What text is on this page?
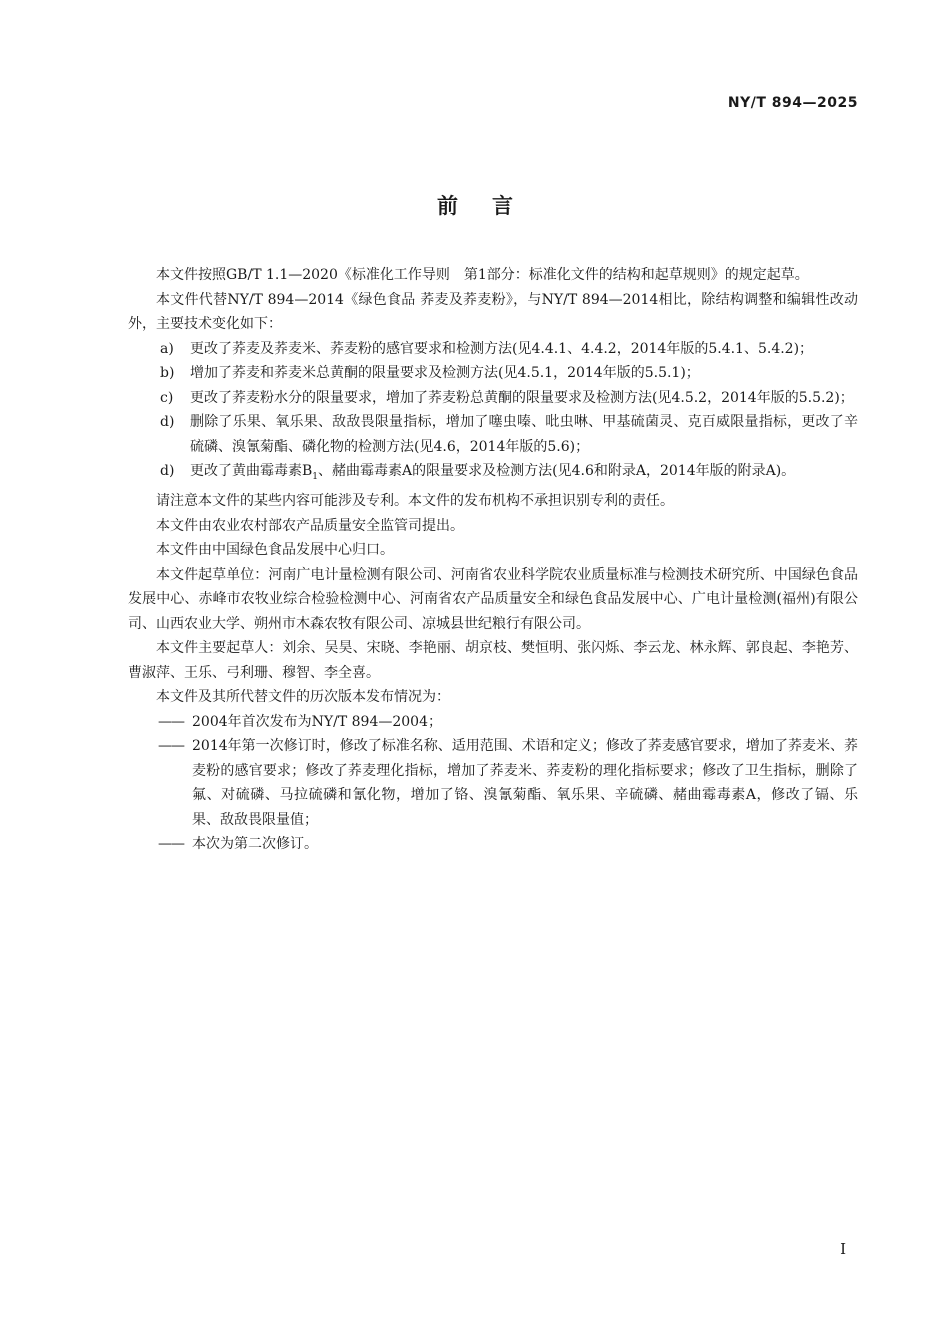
NY/T 894—2025
前言

本文件按照GB/T 1.1—2020《标准化工作导则　第1部分：标准化文件的结构和起草规则》的规定起草。

本文件代替NY/T 894—2014《绿色食品 荞麦及荞麦粉》，与NY/T 894—2014相比，除结构调整和编辑性改动外，主要技术变化如下：

a)	更改了荞麦及荞麦米、荞麦粉的感官要求和检测方法(见4.4.1、4.4.2，2014年版的5.4.1、5.4.2)；
b)	增加了荞麦和荞麦米总黄酮的限量要求及检测方法(见4.5.1，2014年版的5.5.1)；
c)	更改了荞麦粉水分的限量要求，增加了荞麦粉总黄酮的限量要求及检测方法(见4.5.2，2014年版的5.5.2)；
d)	删除了乐果、氧乐果、敌敌畏限量指标，增加了噻虫嗪、吡虫啉、甲基硫菌灵、克百威限量指标，更改了辛硫磷、溴氰菊酯、磷化物的检测方法(见4.6，2014年版的5.6)；
d)	更改了黄曲霉毒素$B_1$、赭曲霉毒素A的限量要求及检测方法(见4.6和附录A，2014年版的附录A)。

请注意本文件的某些内容可能涉及专利。本文件的发布机构不承担识别专利的责任。

本文件由农业农村部农产品质量安全监管司提出。

本文件由中国绿色食品发展中心归口。

本文件起草单位：河南广电计量检测有限公司、河南省农业科学院农业质量标准与检测技术研究所、中国绿色食品发展中心、赤峰市农牧业综合检验检测中心、河南省农产品质量安全和绿色食品发展中心、广电计量检测(福州)有限公司、山西农业大学、朔州市木森农牧有限公司、凉城县世纪粮行有限公司。

本文件主要起草人：刘余、吴昊、宋晓、李艳丽、胡京枝、樊恒明、张闪烁、李云龙、林永辉、郭良起、李艳芳、曹淑萍、王乐、弓利珊、穆智、李全喜。

本文件及其所代替文件的历次版本发布情况为：

—— 2004年首次发布为NY/T 894—2004；
—— 2014年第一次修订时，修改了标准名称、适用范围、术语和定义；修改了荞麦感官要求，增加了荞麦米、荞麦粉的感官要求；修改了荞麦理化指标，增加了荞麦米、荞麦粉的理化指标要求；修改了卫生指标，删除了氟、对硫磷、马拉硫磷和氰化物，增加了铬、溴氰菊酯、氧乐果、辛硫磷、赭曲霉毒素A，修改了镉、乐果、敌敌畏限量值；
—— 本次为第二次修订。
I
